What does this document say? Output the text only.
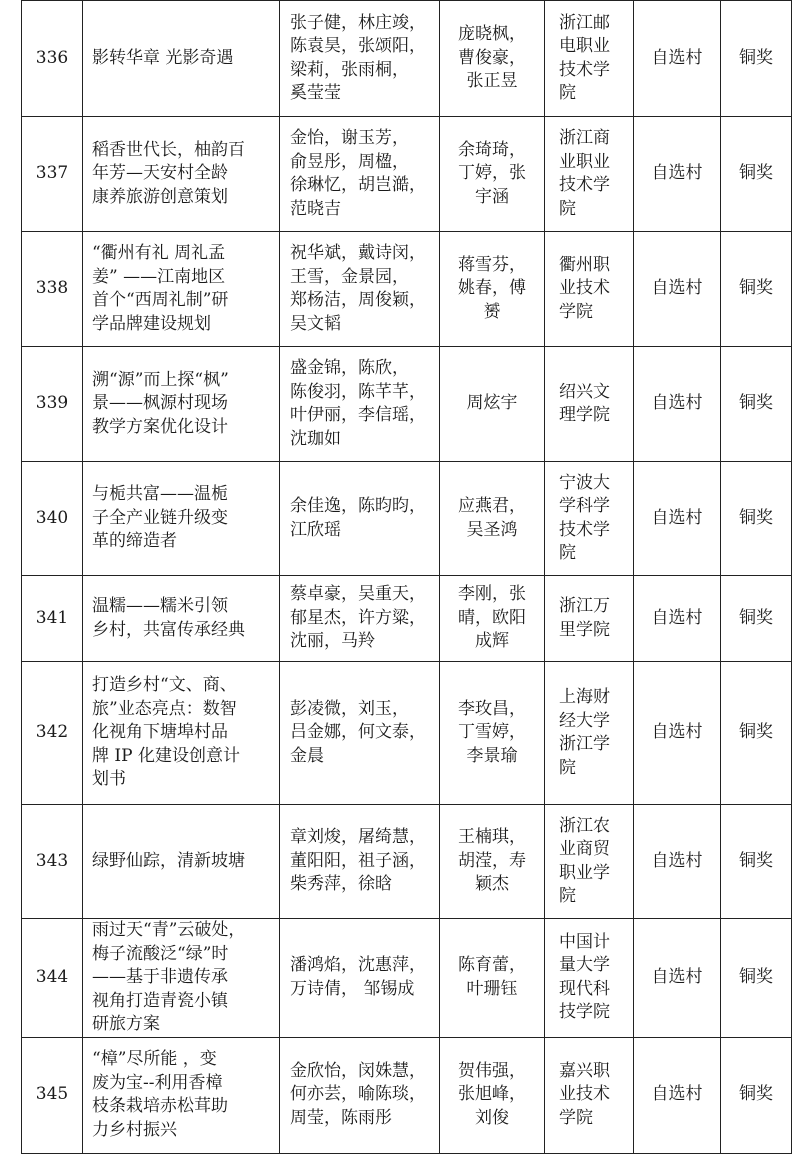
336	影转华章 光影奇遇	张子健，林庄竣，
陈袁昊，张颂阳，
梁莉，张雨桐，
奚莹莹	庞晓枫，
曹俊豪，
张正昱	浙江邮
电职业
技术学
院	自选村	铜奖
337	稻香世代长，柚韵百
年芳—天安村全龄
康养旅游创意策划	金怡，谢玉芳，
俞昱彤，周楹，
徐琳忆，胡岂澔，
范晓吉	余琦琦，
丁婷，张
宇涵	浙江商
业职业
技术学
院	自选村	铜奖
338	“衢州有礼 周礼孟
姜” ——江南地区
首个“西周礼制”研
学品牌建设规划	祝华斌，戴诗闵，
王雪，金景园，
郑杨洁，周俊颖，
吴文韬	蒋雪芬，
姚春，傅
赟	衢州职
业技术
学院	自选村	铜奖
339	溯“源”而上探“枫”
景——枫源村现场
教学方案优化设计	盛金锦，陈欣，
陈俊羽，陈芊芊，
叶伊丽，李信瑶，
沈珈如	周炫宇	绍兴文
理学院	自选村	铜奖
340	与栀共富——温栀
子全产业链升级变
革的缔造者	余佳逸，陈昀昀，
江欣瑶	应燕君，
吴圣鸿	宁波大
学科学
技术学
院	自选村	铜奖
341	温糯——糯米引领
乡村，共富传承经典	蔡卓豪，吴重天，
郁星杰，许方粱，
沈丽，马羚	李刚，张
晴，欧阳
成辉	浙江万
里学院	自选村	铜奖
342	打造乡村“文、商、
旅”业态亮点：数智
化视角下塘埠村品
牌 IP 化建设创意计
划书	彭凌微，刘玉，
吕金娜，何文泰，
金晨	李玫昌，
丁雪婷，
李景瑜	上海财
经大学
浙江学
院	自选村	铜奖
343	绿野仙踪，清新坡塘	章刘焌，屠绮慧，
董阳阳，祖子涵，
柴秀萍，徐晗	王楠琪，
胡滢，寿
颖杰	浙江农
业商贸
职业学
院	自选村	铜奖
344	雨过天“青”云破处，
梅子流酸泛“绿”时
——基于非遗传承
视角打造青瓷小镇
研旅方案	潘鸿焰，沈惠萍，
万诗倩， 邹锡成	陈育蕾，
叶珊钰	中国计
量大学
现代科
技学院	自选村	铜奖
345	“樟”尽所能 ，变
废为宝--利用香樟
枝条栽培赤松茸助
力乡村振兴	金欣怡，闵姝慧，
何亦芸，喻陈琰，
周莹，陈雨彤	贺伟强，
张旭峰，
刘俊	嘉兴职
业技术
学院	自选村	铜奖
